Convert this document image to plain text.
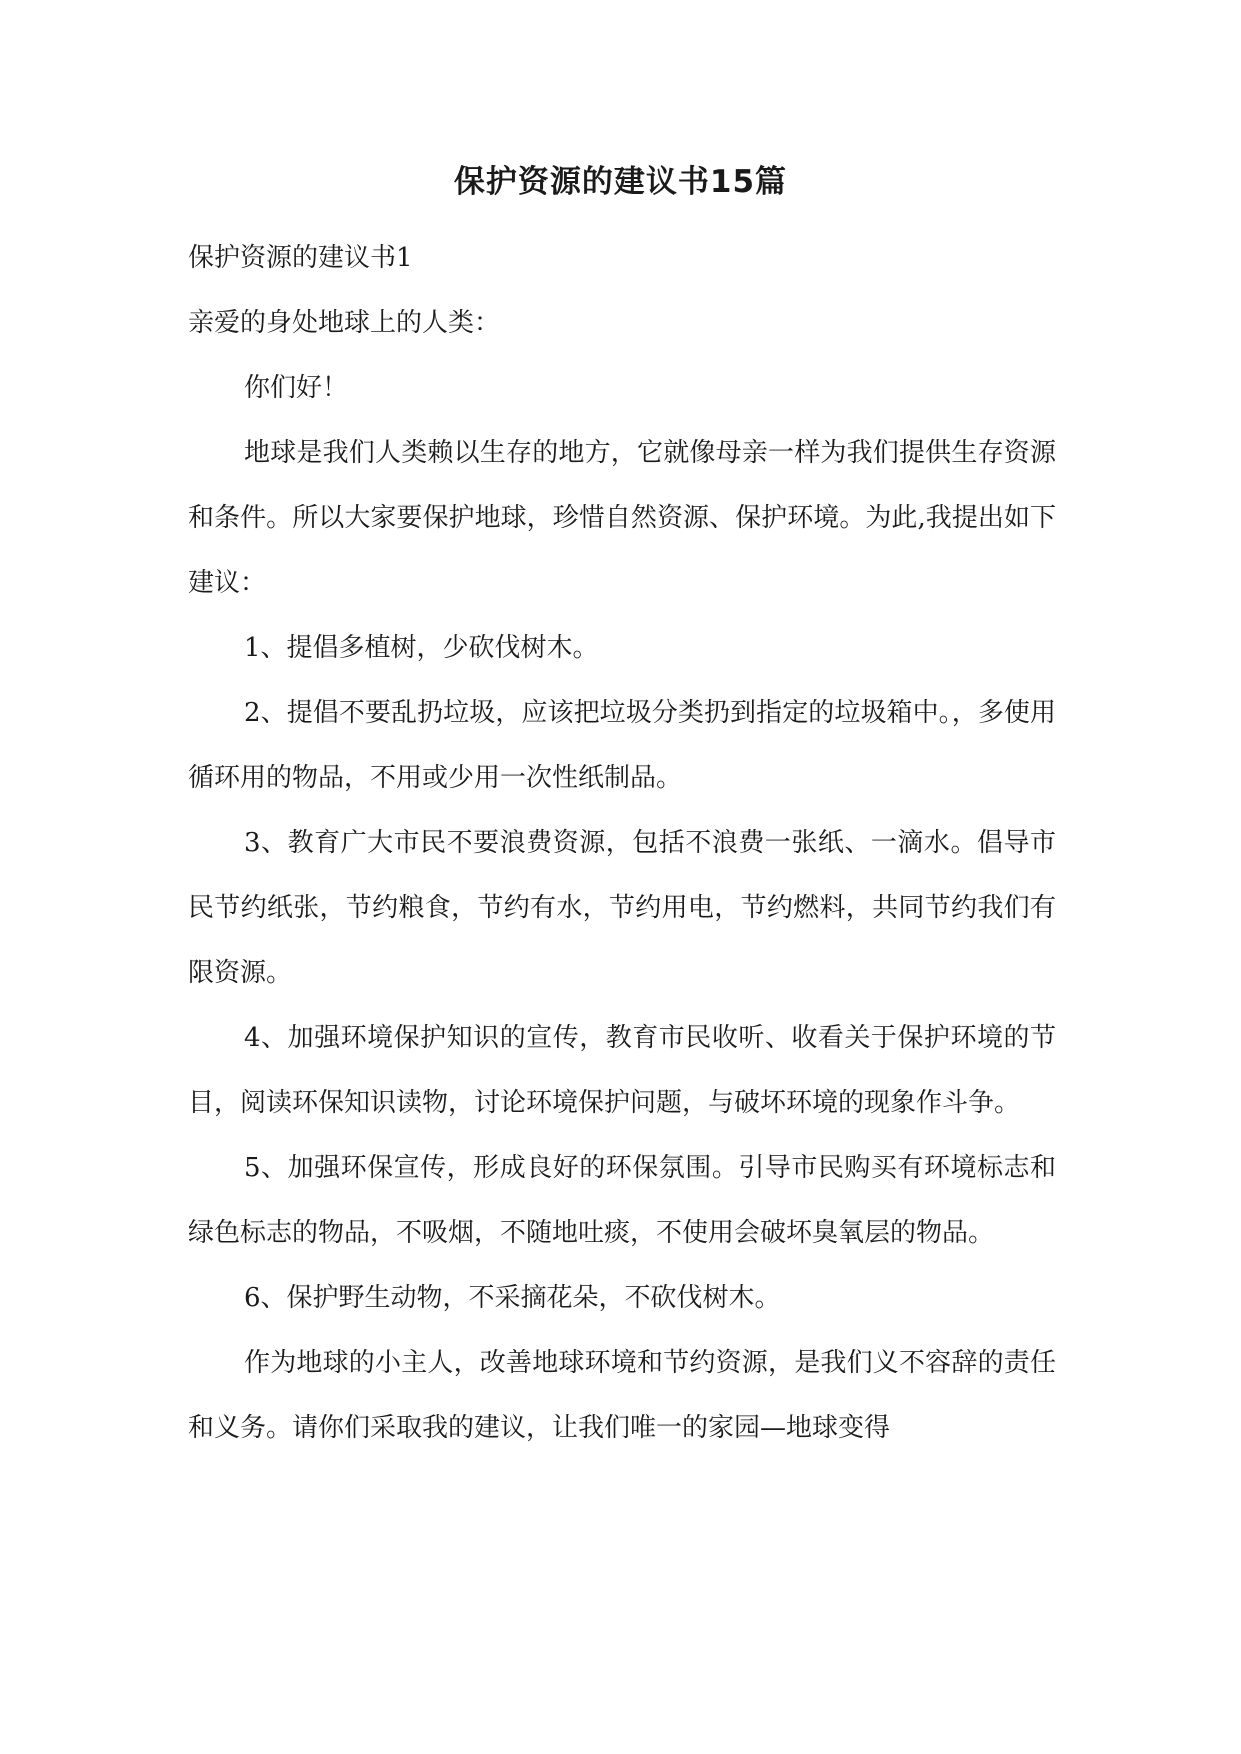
保护资源的建议书15篇

保护资源的建议书1

亲爱的身处地球上的人类：

你们好！

地球是我们人类赖以生存的地方，它就像母亲一样为我们提供生存资源和条件。所以大家要保护地球，珍惜自然资源、保护环境。为此,我提出如下建议：

1、提倡多植树，少砍伐树木。

2、提倡不要乱扔垃圾，应该把垃圾分类扔到指定的垃圾箱中。，多使用循环用的物品，不用或少用一次性纸制品。

3、教育广大市民不要浪费资源，包括不浪费一张纸、一滴水。倡导市民节约纸张，节约粮食，节约有水，节约用电，节约燃料，共同节约我们有限资源。

4、加强环境保护知识的宣传，教育市民收听、收看关于保护环境的节目，阅读环保知识读物，讨论环境保护问题，与破坏环境的现象作斗争。

5、加强环保宣传，形成良好的环保氛围。引导市民购买有环境标志和绿色标志的物品，不吸烟，不随地吐痰，不使用会破坏臭氧层的物品。

6、保护野生动物，不采摘花朵，不砍伐树木。

作为地球的小主人，改善地球环境和节约资源，是我们义不容辞的责任和义务。请你们采取我的建议，让我们唯一的家园—地球变得
